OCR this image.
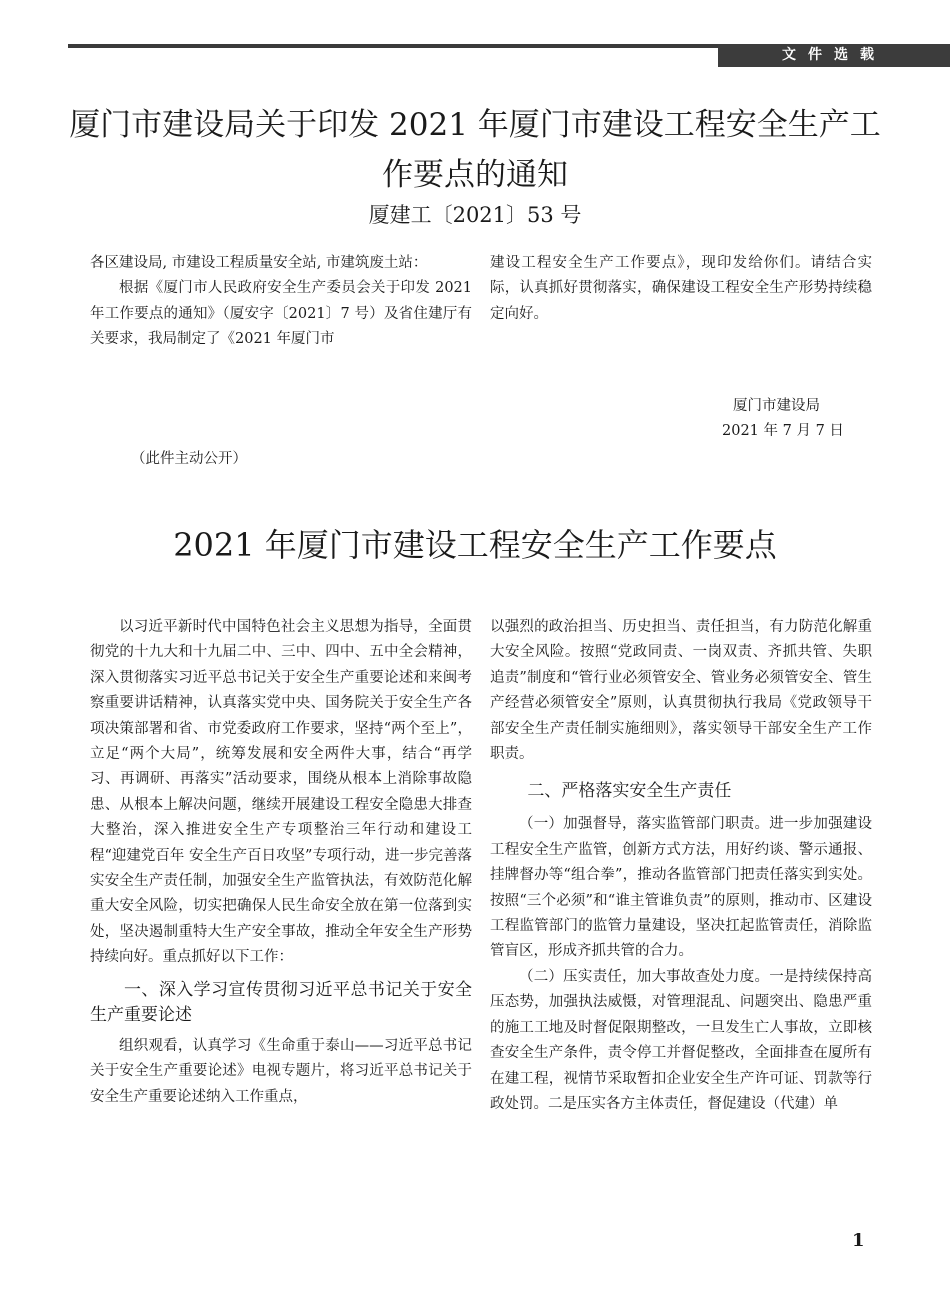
文件选载
厦门市建设局关于印发 2021 年厦门市建设工程安全生产工作要点的通知
厦建工〔2021〕53 号

各区建设局, 市建设工程质量安全站, 市建筑废土站：

根据《厦门市人民政府安全生产委员会关于印发 2021 年工作要点的通知》（厦安字〔2021〕7 号）及省住建厅有关要求，我局制定了《2021 年厦门市

建设工程安全生产工作要点》，现印发给你们。请结合实际，认真抓好贯彻落实，确保建设工程安全生产形势持续稳定向好。

厦门市建设局
2021 年 7 月 7 日
（此件主动公开）
2021 年厦门市建设工程安全生产工作要点

以习近平新时代中国特色社会主义思想为指导，全面贯彻党的十九大和十九届二中、三中、四中、五中全会精神，深入贯彻落实习近平总书记关于安全生产重要论述和来闽考察重要讲话精神，认真落实党中央、国务院关于安全生产各项决策部署和省、市党委政府工作要求，坚持“两个至上”，立足“两个大局”，统筹发展和安全两件大事，结合“再学习、再调研、再落实”活动要求，围绕从根本上消除事故隐患、从根本上解决问题，继续开展建设工程安全隐患大排查大整治，深入推进安全生产专项整治三年行动和建设工程“迎建党百年 安全生产百日攻坚”专项行动，进一步完善落实安全生产责任制，加强安全生产监管执法，有效防范化解重大安全风险，切实把确保人民生命安全放在第一位落到实处，坚决遏制重特大生产安全事故，推动全年安全生产形势持续向好。重点抓好以下工作：

一、深入学习宣传贯彻习近平总书记关于安全生产重要论述

组织观看，认真学习《生命重于泰山——习近平总书记关于安全生产重要论述》电视专题片，将习近平总书记关于安全生产重要论述纳入工作重点，

以强烈的政治担当、历史担当、责任担当，有力防范化解重大安全风险。按照“党政同责、一岗双责、齐抓共管、失职追责”制度和“管行业必须管安全、管业务必须管安全、管生产经营必须管安全”原则，认真贯彻执行我局《党政领导干部安全生产责任制实施细则》，落实领导干部安全生产工作职责。

二、严格落实安全生产责任

（一）加强督导，落实监管部门职责。进一步加强建设工程安全生产监管，创新方式方法，用好约谈、警示通报、挂牌督办等“组合拳”，推动各监管部门把责任落实到实处。按照“三个必须”和“谁主管谁负责”的原则，推动市、区建设工程监管部门的监管力量建设，坚决扛起监管责任，消除监管盲区，形成齐抓共管的合力。

（二）压实责任，加大事故查处力度。一是持续保持高压态势，加强执法威慑，对管理混乱、问题突出、隐患严重的施工工地及时督促限期整改，一旦发生亡人事故，立即核查安全生产条件，责令停工并督促整改，全面排查在厦所有在建工程，视情节采取暂扣企业安全生产许可证、罚款等行政处罚。二是压实各方主体责任，督促建设（代建）单

1
